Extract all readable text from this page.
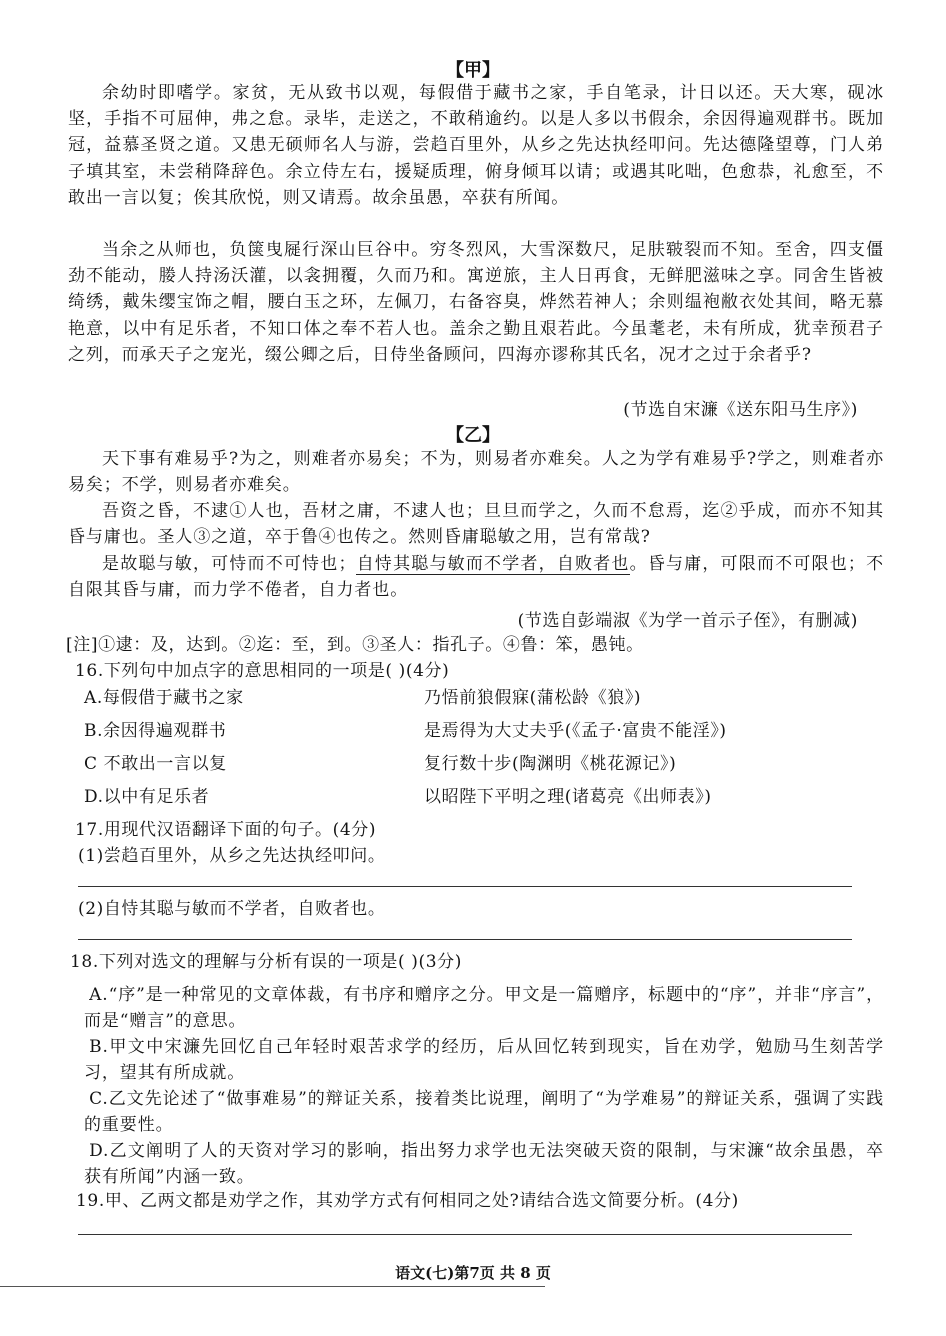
【甲】
余幼时即嗜学。家贫，无从致书以观，每假借于藏书之家，手自笔录，计日以还。天大寒，砚冰坚，手指不可屈伸，弗之怠。录毕，走送之，不敢稍逾约。以是人多以书假余，余因得遍观群书。既加冠，益慕圣贤之道。又患无硕师名人与游，尝趋百里外，从乡之先达执经叩问。先达德隆望尊，门人弟子填其室，未尝稍降辞色。余立侍左右，援疑质理，俯身倾耳以请；或遇其叱咄，色愈恭，礼愈至，不敢出一言以复；俟其欣悦，则又请焉。故余虽愚，卒获有所闻。
当余之从师也，负箧曳屣行深山巨谷中。穷冬烈风，大雪深数尺，足肤皲裂而不知。至舍，四支僵劲不能动，媵人持汤沃灌，以衾拥覆，久而乃和。寓逆旅，主人日再食，无鲜肥滋味之享。同舍生皆被绮绣，戴朱缨宝饰之帽，腰白玉之环，左佩刀，右备容臭，烨然若神人；余则缊袍敝衣处其间，略无慕艳意，以中有足乐者，不知口体之奉不若人也。盖余之勤且艰若此。今虽耄老，未有所成，犹幸预君子之列，而承天子之宠光，缀公卿之后，日侍坐备顾问，四海亦谬称其氏名，况才之过于余者乎?
(节选自宋濂《送东阳马生序》)
【乙】
天下事有难易乎?为之，则难者亦易矣；不为，则易者亦难矣。人之为学有难易乎?学之，则难者亦易矣；不学，则易者亦难矣。
吾资之昏，不逮①人也，吾材之庸，不逮人也；旦旦而学之，久而不怠焉，迄②乎成，而亦不知其昏与庸也。圣人③之道，卒于鲁④也传之。然则昏庸聪敏之用，岂有常哉?
是故聪与敏，可恃而不可恃也；自恃其聪与敏而不学者，自败者也。昏与庸，可限而不可限也；不自限其昏与庸，而力学不倦者，自力者也。
(节选自彭端淑《为学一首示子侄》，有删减)
[注]①逮：及，达到。②迄：至，到。③圣人：指孔子。④鲁：笨，愚钝。
16.下列句中加点字的意思相同的一项是( )(4分)
A.每假借于藏书之家	乃悟前狼假寐(蒲松龄《狼》)
B.余因得遍观群书	是焉得为大丈夫乎(《孟子·富贵不能淫》)
C 不敢出一言以复	复行数十步(陶渊明《桃花源记》)
D.以中有足乐者	以昭陛下平明之理(诸葛亮《出师表》)
17.用现代汉语翻译下面的句子。(4分)
(1)尝趋百里外，从乡之先达执经叩问。
(2)自恃其聪与敏而不学者，自败者也。
18.下列对选文的理解与分析有误的一项是( )(3分)
A.“序”是一种常见的文章体裁，有书序和赠序之分。甲文是一篇赠序，标题中的“序”，并非“序言”，而是“赠言”的意思。
B.甲文中宋濂先回忆自己年轻时艰苦求学的经历，后从回忆转到现实，旨在劝学，勉励马生刻苦学习，望其有所成就。
C.乙文先论述了“做事难易”的辩证关系，接着类比说理，阐明了“为学难易”的辩证关系，强调了实践的重要性。
D.乙文阐明了人的天资对学习的影响，指出努力求学也无法突破天资的限制，与宋濂“故余虽愚，卒获有所闻”内涵一致。
19.甲、乙两文都是劝学之作，其劝学方式有何相同之处?请结合选文简要分析。(4分)
语文(七)第7页 共 8 页
